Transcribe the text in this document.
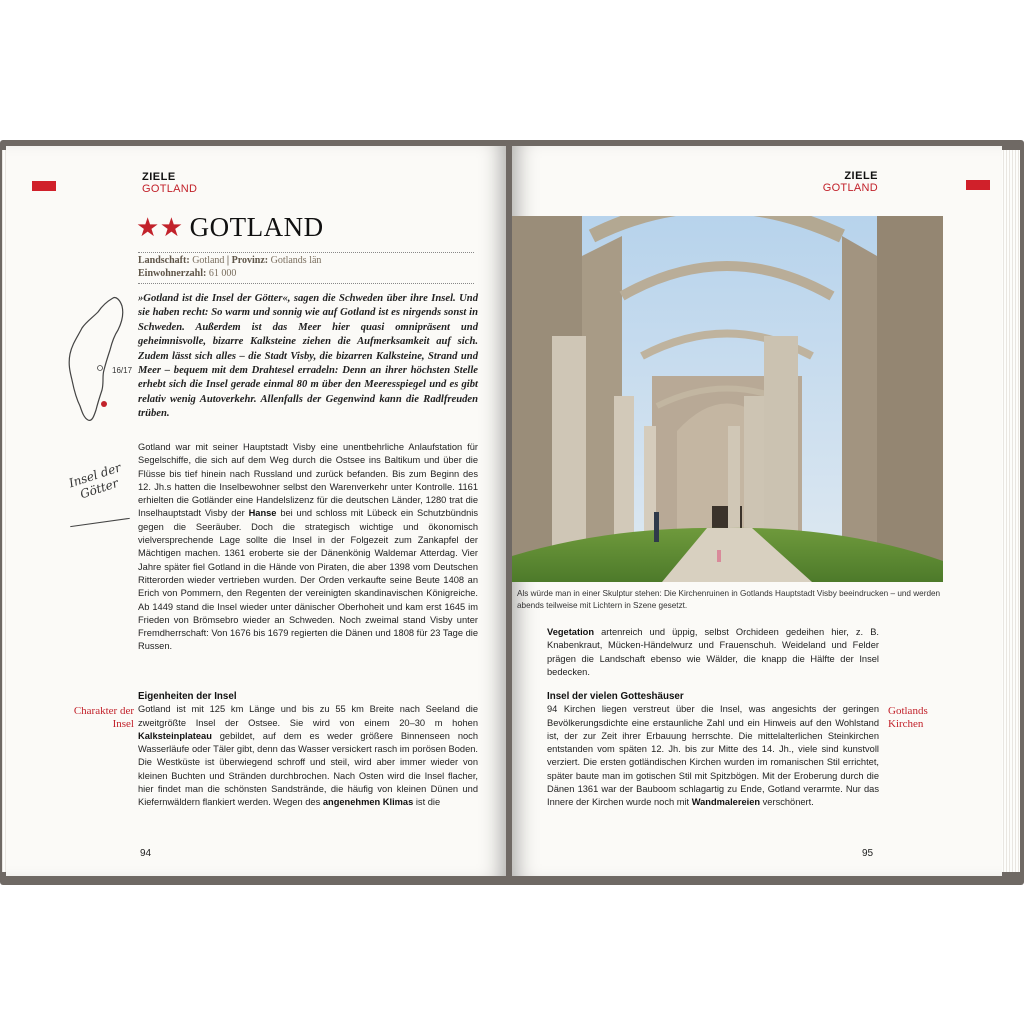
ZIELE
GOTLAND
★★ GOTLAND
Landschaft: Gotland | Provinz: Gotlands län
Einwohnerzahl: 61 000
16/17
Insel der Götter
»Gotland ist die Insel der Götter«, sagen die Schweden über ihre Insel. Und sie haben recht: So warm und sonnig wie auf Gotland ist es nirgends sonst in Schweden. Außerdem ist das Meer hier quasi omnipräsent und geheimnisvolle, bizarre Kalksteine ziehen die Aufmerksamkeit auf sich. Zudem lässt sich alles – die Stadt Visby, die bizarren Kalksteine, Strand und Meer – bequem mit dem Drahtesel erradeln: Denn an ihrer höchsten Stelle erhebt sich die Insel gerade einmal 80 m über den Meeresspiegel und es gibt relativ wenig Autoverkehr. Allenfalls der Gegenwind kann die Radlfreuden trüben.
Gotland war mit seiner Hauptstadt Visby eine unentbehrliche Anlaufstation für Segelschiffe, die sich auf dem Weg durch die Ostsee ins Baltikum und über die Flüsse bis tief hinein nach Russland und zurück befanden. Bis zum Beginn des 12. Jh.s hatten die Inselbewohner selbst den Warenverkehr unter Kontrolle. 1161 erhielten die Gotländer eine Handelslizenz für die deutschen Länder, 1280 trat die Inselhauptstadt Visby der Hanse bei und schloss mit Lübeck ein Schutzbündnis gegen die Seeräuber. Doch die strategisch wichtige und ökonomisch vielversprechende Lage sollte die Insel in der Folgezeit zum Zankapfel der Mächtigen machen. 1361 eroberte sie der Dänenkönig Waldemar Atterdag. Vier Jahre später fiel Gotland in die Hände von Piraten, die aber 1398 vom Deutschen Ritterorden wieder vertrieben wurden. Der Orden verkaufte seine Beute 1408 an Erich von Pommern, den Regenten der vereinigten skandinavischen Königreiche. Ab 1449 stand die Insel wieder unter dänischer Oberhoheit und kam erst 1645 im Frieden von Brömsebro wieder an Schweden. Noch zweimal stand Visby unter Fremdherrschaft: Von 1676 bis 1679 regierten die Dänen und 1808 für 23 Tage die Russen.
Charakter der Insel
Eigenheiten der Insel
Gotland ist mit 125 km Länge und bis zu 55 km Breite nach Seeland die zweitgrößte Insel der Ostsee. Sie wird von einem 20–30 m hohen Kalksteinplateau gebildet, auf dem es weder größere Binnenseen noch Wasserläufe oder Täler gibt, denn das Wasser versickert rasch im porösen Boden. Die Westküste ist überwiegend schroff und steil, wird aber immer wieder von kleinen Buchten und Stränden durchbrochen. Nach Osten wird die Insel flacher, hier findet man die schönsten Sandstrände, die häufig von kleinen Dünen und Kiefernwäldern flankiert werden. Wegen des angenehmen Klimas ist die
94
ZIELE
GOTLAND
Als würde man in einer Skulptur stehen: Die Kirchenruinen in Gotlands Hauptstadt Visby beeindrucken – und werden abends teilweise mit Lichtern in Szene gesetzt.
Vegetation artenreich und üppig, selbst Orchideen gedeihen hier, z. B. Knabenkraut, Mücken-Händelwurz und Frauenschuh. Weideland und Felder prägen die Landschaft ebenso wie Wälder, die knapp die Hälfte der Insel bedecken.
Insel der vielen Gotteshäuser
94 Kirchen liegen verstreut über die Insel, was angesichts der geringen Bevölkerungsdichte eine erstaunliche Zahl und ein Hinweis auf den Wohlstand ist, der zur Zeit ihrer Erbauung herrschte. Die mittelalterlichen Steinkirchen entstanden vom späten 12. Jh. bis zur Mitte des 14. Jh., viele sind kunstvoll verziert. Die ersten gotländischen Kirchen wurden im romanischen Stil errichtet, später baute man im gotischen Stil mit Spitzbögen. Mit der Eroberung durch die Dänen 1361 war der Bauboom schlagartig zu Ende, Gotland verarmte. Nur das Innere der Kirchen wurde noch mit Wandmalereien verschönert.
Gotlands Kirchen
95
